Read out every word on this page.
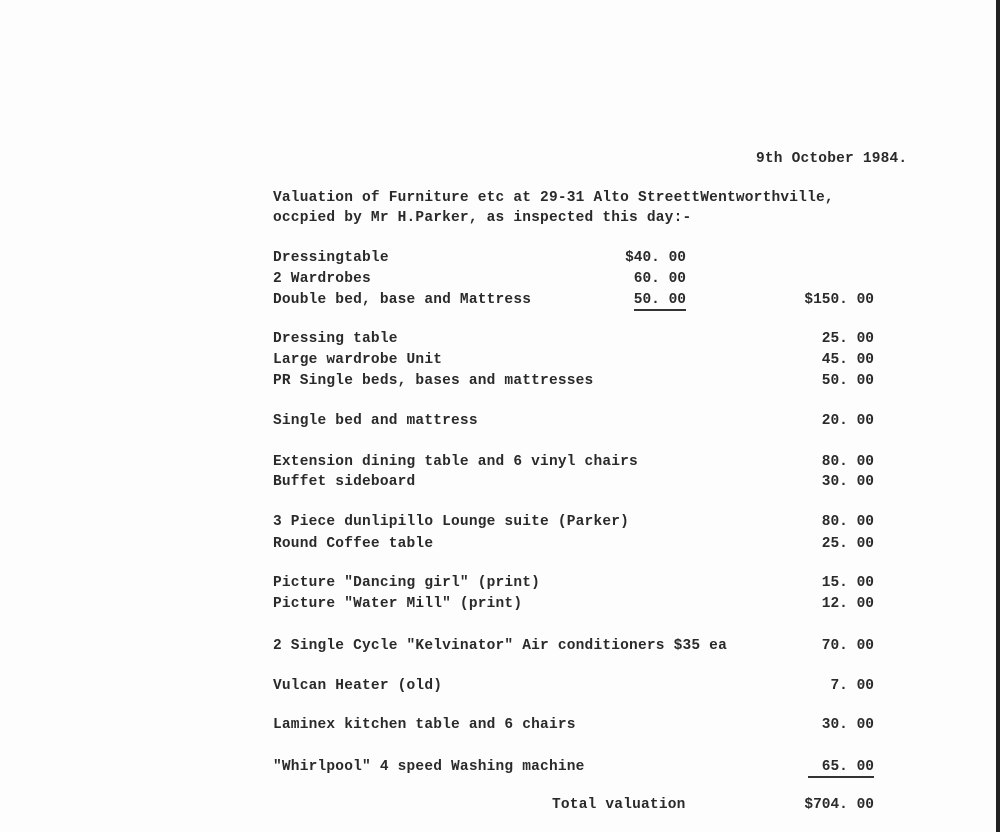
9th October 1984.
Valuation of Furniture etc at 29-31 Alto StreettWentworthville,
occpied by Mr H.Parker, as inspected this day:-
Dressingtable	$40. 00
2 Wardrobes	60. 00
Double bed, base and Mattress	50. 00	$150. 00
Dressing table	25. 00
Large wardrobe Unit	45. 00
PR Single beds, bases and mattresses	50. 00
Single bed and mattress	20. 00
Extension dining table and 6 vinyl chairs	80. 00
Buffet sideboard	30. 00
3 Piece dunlipillo Lounge suite (Parker)	80. 00
Round Coffee table	25. 00
Picture "Dancing girl" (print)	15. 00
Picture "Water Mill" (print)	12. 00
2 Single Cycle "Kelvinator" Air conditioners $35 ea	70. 00
Vulcan Heater (old)	7. 00
Laminex kitchen table and 6 chairs	30. 00
"Whirlpool" 4 speed Washing machine	65. 00
Total valuation	$704. 00
